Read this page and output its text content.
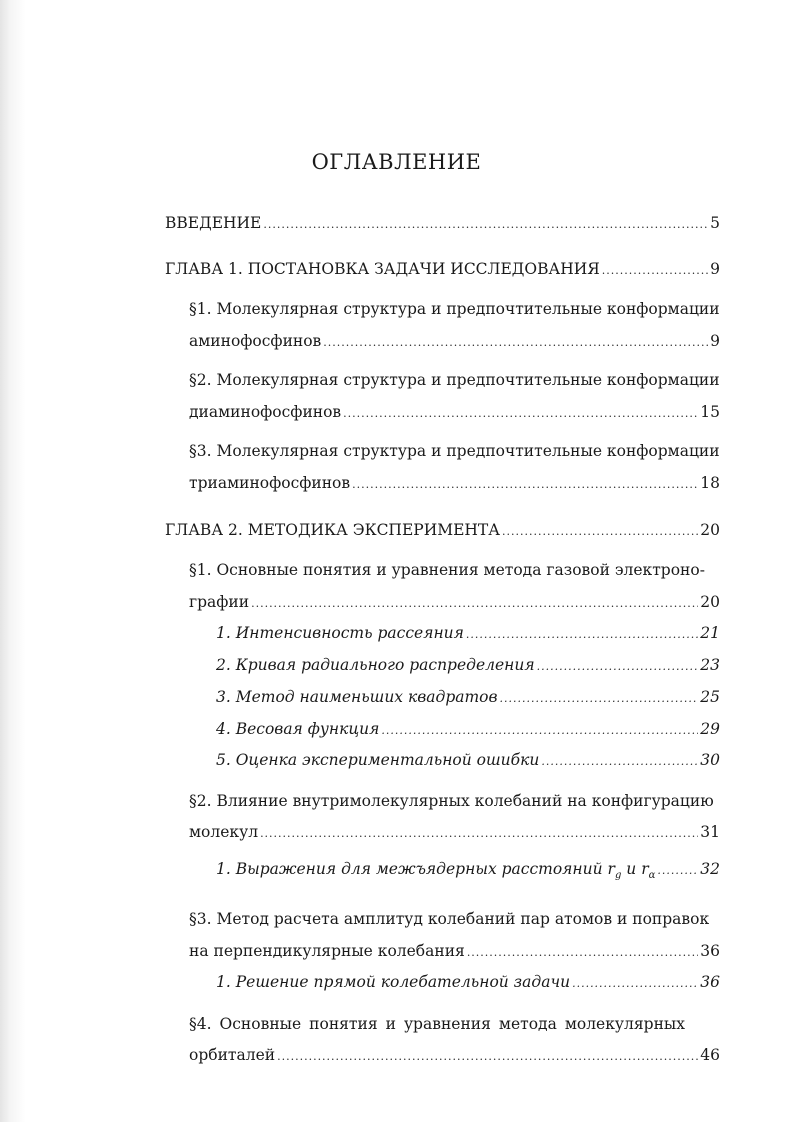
ОГЛАВЛЕНИЕ
ВВЕДЕНИЕ .....	5
ГЛАВА 1. ПОСТАНОВКА ЗАДАЧИ ИССЛЕДОВАНИЯ .....	9
§1. Молекулярная структура и предпочтительные конформации
аминофосфинов .....	9
§2. Молекулярная структура и предпочтительные конформации
диаминофосфинов .....	15
§3. Молекулярная структура и предпочтительные конформации
триаминофосфинов .....	18
ГЛАВА 2. МЕТОДИКА ЭКСПЕРИМЕНТА .....	20
§1. Основные понятия и уравнения метода газовой электроно-
графии .....	20
1. Интенсивность рассеяния .....	21
2. Кривая радиального распределения .....	23
3. Метод наименьших квадратов .....	25
4. Весовая функция .....	29
5. Оценка экспериментальной ошибки .....	30
§2. Влияние внутримолекулярных колебаний на конфигурацию
молекул .....	31
1. Выражения для межъядерных расстояний $r_g$ и $r_\alpha$ .....	32
§3. Метод расчета амплитуд колебаний пар атомов и поправок
на перпендикулярные колебания .....	36
1. Решение прямой колебательной задачи .....	36
§4. Основные понятия и уравнения метода молекулярных
орбиталей .....	46
